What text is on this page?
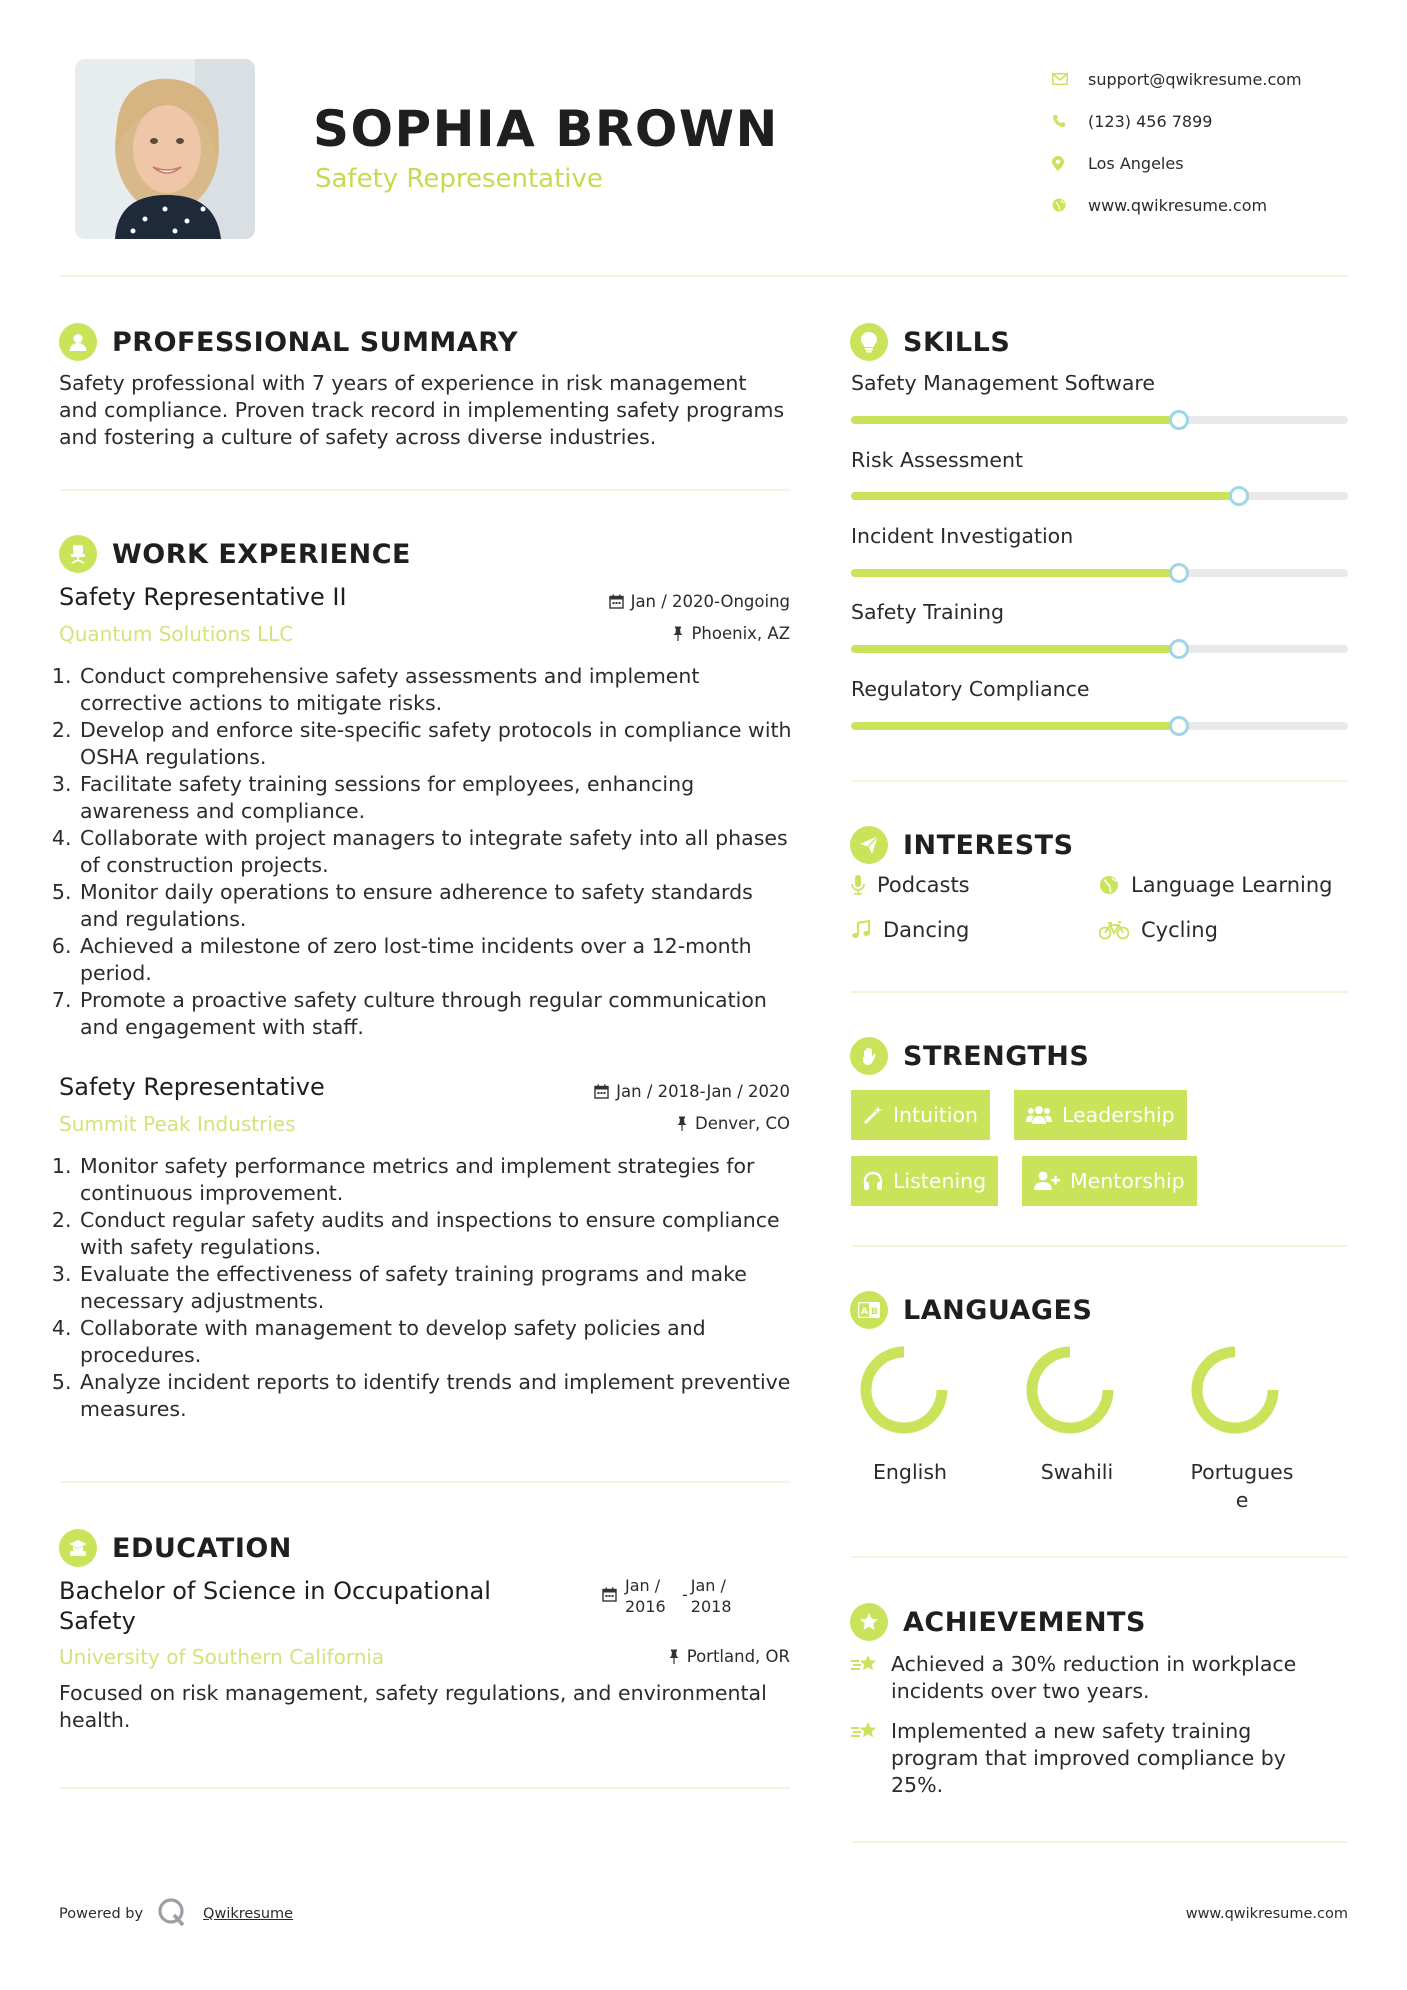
SOPHIA BROWN
Safety Representative
support@qwikresume.com
(123) 456 7899
Los Angeles
www.qwikresume.com
PROFESSIONAL SUMMARY
Safety professional with 7 years of experience in risk management and compliance. Proven track record in implementing safety programs and fostering a culture of safety across diverse industries.
WORK EXPERIENCE
Safety Representative II
Quantum Solutions LLC
Jan / 2020-Ongoing
Phoenix, AZ
1. Conduct comprehensive safety assessments and implement corrective actions to mitigate risks.
2. Develop and enforce site-specific safety protocols in compliance with OSHA regulations.
3. Facilitate safety training sessions for employees, enhancing awareness and compliance.
4. Collaborate with project managers to integrate safety into all phases of construction projects.
5. Monitor daily operations to ensure adherence to safety standards and regulations.
6. Achieved a milestone of zero lost-time incidents over a 12-month period.
7. Promote a proactive safety culture through regular communication and engagement with staff.
Safety Representative
Summit Peak Industries
Jan / 2018-Jan / 2020
Denver, CO
1. Monitor safety performance metrics and implement strategies for continuous improvement.
2. Conduct regular safety audits and inspections to ensure compliance with safety regulations.
3. Evaluate the effectiveness of safety training programs and make necessary adjustments.
4. Collaborate with management to develop safety policies and procedures.
5. Analyze incident reports to identify trends and implement preventive measures.
EDUCATION
Bachelor of Science in Occupational Safety
University of Southern California
Jan / 2016
- Jan / 2018
Portland, OR
Focused on risk management, safety regulations, and environmental health.
SKILLS
Safety Management Software
Risk Assessment
Incident Investigation
Safety Training
Regulatory Compliance
INTERESTS
Podcasts	Language Learning
Dancing	Cycling
STRENGTHS
Intuition	Leadership
Listening	Mentorship
A B LANGUAGES
English	Swahili	Portugues
e
ACHIEVEMENTS
Achieved a 30% reduction in workplace incidents over two years.
Implemented a new safety training program that improved compliance by 25%.
Powered by	Qwikresume	www.qwikresume.com
